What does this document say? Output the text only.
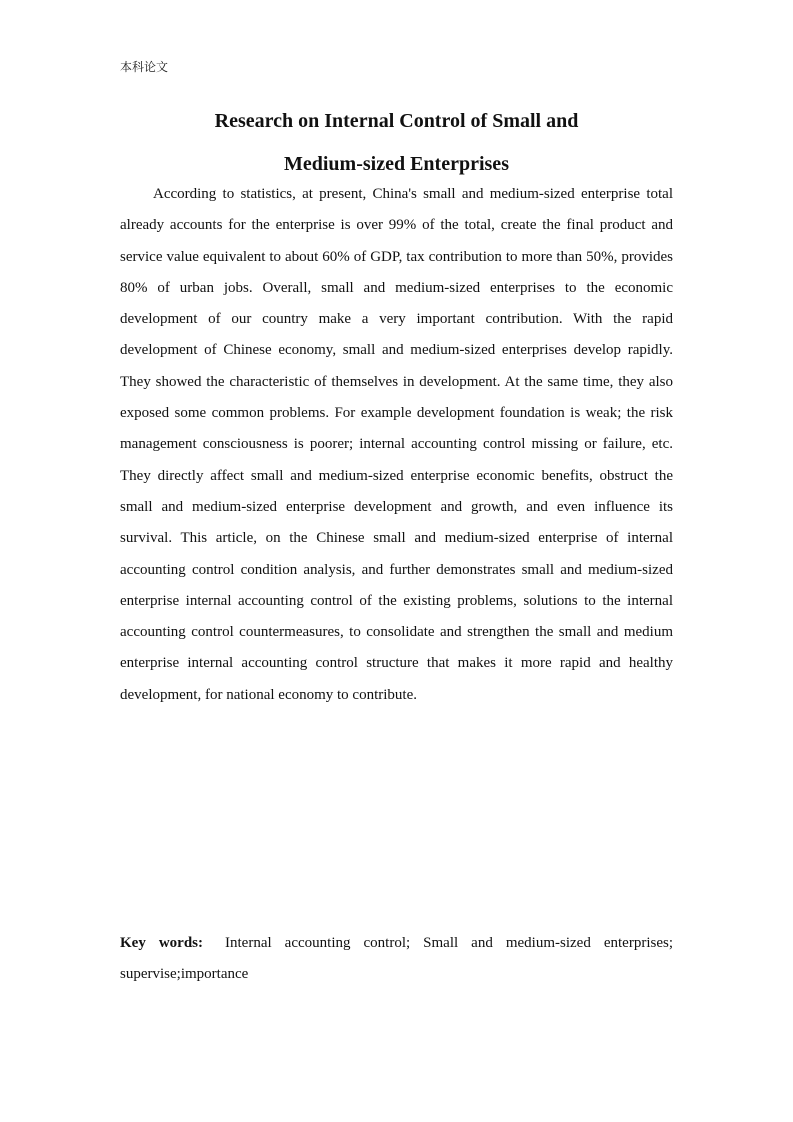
本科论文
Research on Internal Control of Small and
Medium-sized Enterprises

According to statistics, at present, China's small and medium-sized enterprise total already accounts for the enterprise is over 99% of the total, create the final product and service value equivalent to about 60% of GDP, tax contribution to more than 50%, provides 80% of urban jobs. Overall, small and medium-sized enterprises to the economic development of our country make a very important contribution. With the rapid development of Chinese economy, small and medium-sized enterprises develop rapidly. They showed the characteristic of themselves in development. At the same time, they also exposed some common problems. For example development foundation is weak; the risk management consciousness is poorer; internal accounting control missing or failure, etc. They directly affect small and medium-sized enterprise economic benefits, obstruct the small and medium-sized enterprise development and growth, and even influence its survival. This article, on the Chinese small and medium-sized enterprise of internal accounting control condition analysis, and further demonstrates small and medium-sized enterprise internal accounting control of the existing problems, solutions to the internal accounting control countermeasures, to consolidate and strengthen the small and medium enterprise internal accounting control structure that makes it more rapid and healthy development, for national economy to contribute.

Key words: Internal accounting control; Small and medium-sized enterprises; supervise;importance
